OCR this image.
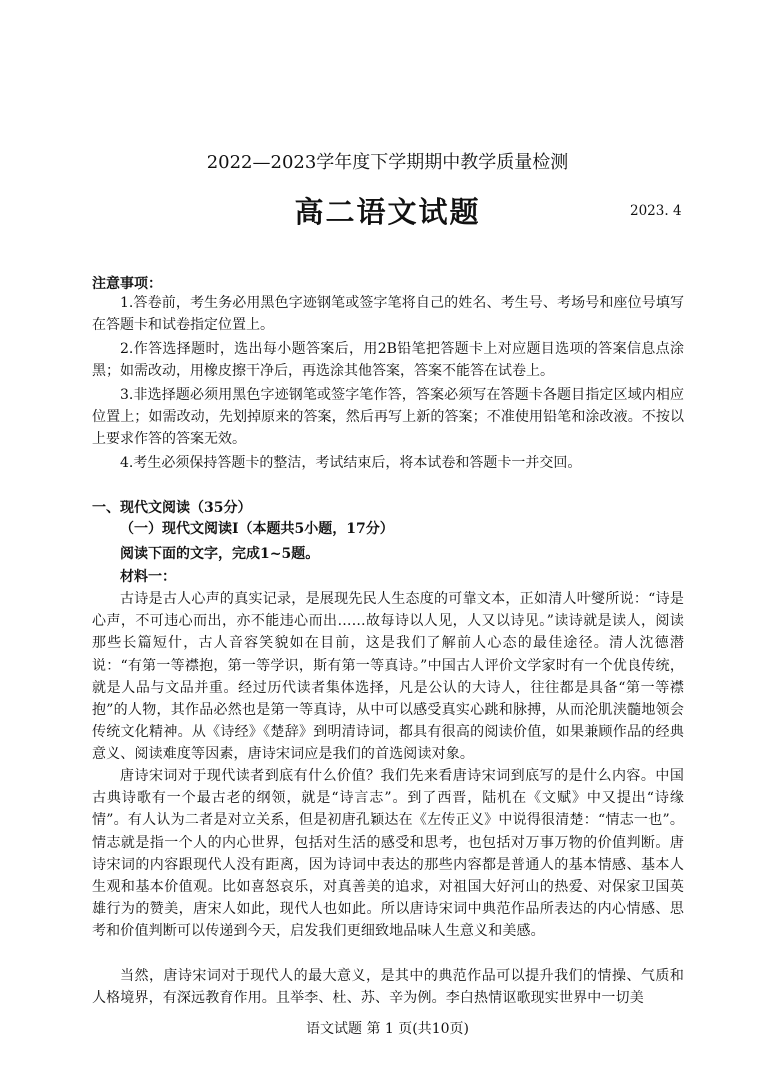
2022—2023学年度下学期期中教学质量检测
高二语文试题	2023. 4
注意事项：

1.答卷前，考生务必用黑色字迹钢笔或签字笔将自己的姓名、考生号、考场号和座位号填写在答题卡和试卷指定位置上。

2.作答选择题时，选出每小题答案后，用2B铅笔把答题卡上对应题目选项的答案信息点涂黑；如需改动，用橡皮擦干净后，再选涂其他答案，答案不能答在试卷上。

3.非选择题必须用黑色字迹钢笔或签字笔作答，答案必须写在答题卡各题目指定区域内相应位置上；如需改动，先划掉原来的答案，然后再写上新的答案；不准使用铅笔和涂改液。不按以上要求作答的答案无效。

4.考生必须保持答题卡的整洁，考试结束后，将本试卷和答题卡一并交回。

一、现代文阅读（35分）
（一）现代文阅读Ⅰ（本题共5小题，17分）
阅读下面的文字，完成1~5题。
材料一：

古诗是古人心声的真实记录，是展现先民人生态度的可靠文本，正如清人叶燮所说：“诗是心声，不可违心而出，亦不能违心而出……故每诗以人见，人又以诗见。”读诗就是读人，阅读那些长篇短什，古人音容笑貌如在目前，这是我们了解前人心态的最佳途径。清人沈德潜说：“有第一等襟抱，第一等学识，斯有第一等真诗。”中国古人评价文学家时有一个优良传统，就是人品与文品并重。经过历代读者集体选择，凡是公认的大诗人，往往都是具备“第一等襟抱”的人物，其作品必然也是第一等真诗，从中可以感受真实心跳和脉搏，从而沦肌浃髓地领会传统文化精神。从《诗经》《楚辞》到明清诗词，都具有很高的阅读价值，如果兼顾作品的经典意义、阅读难度等因素，唐诗宋词应是我们的首选阅读对象。

唐诗宋词对于现代读者到底有什么价值？我们先来看唐诗宋词到底写的是什么内容。中国古典诗歌有一个最古老的纲领，就是“诗言志”。到了西晋，陆机在《文赋》中又提出“诗缘情”。有人认为二者是对立关系，但是初唐孔颖达在《左传正义》中说得很清楚：“情志一也”。情志就是指一个人的内心世界，包括对生活的感受和思考，也包括对万事万物的价值判断。唐诗宋词的内容跟现代人没有距离，因为诗词中表达的那些内容都是普通人的基本情感、基本人生观和基本价值观。比如喜怒哀乐，对真善美的追求，对祖国大好河山的热爱、对保家卫国英雄行为的赞美，唐宋人如此，现代人也如此。所以唐诗宋词中典范作品所表达的内心情感、思考和价值判断可以传递到今天，启发我们更细致地品味人生意义和美感。

当然，唐诗宋词对于现代人的最大意义，是其中的典范作品可以提升我们的情操、气质和人格境界，有深远教育作用。且举李、杜、苏、辛为例。李白热情讴歌现实世界中一切美

语文试题 第 1 页(共10页)
